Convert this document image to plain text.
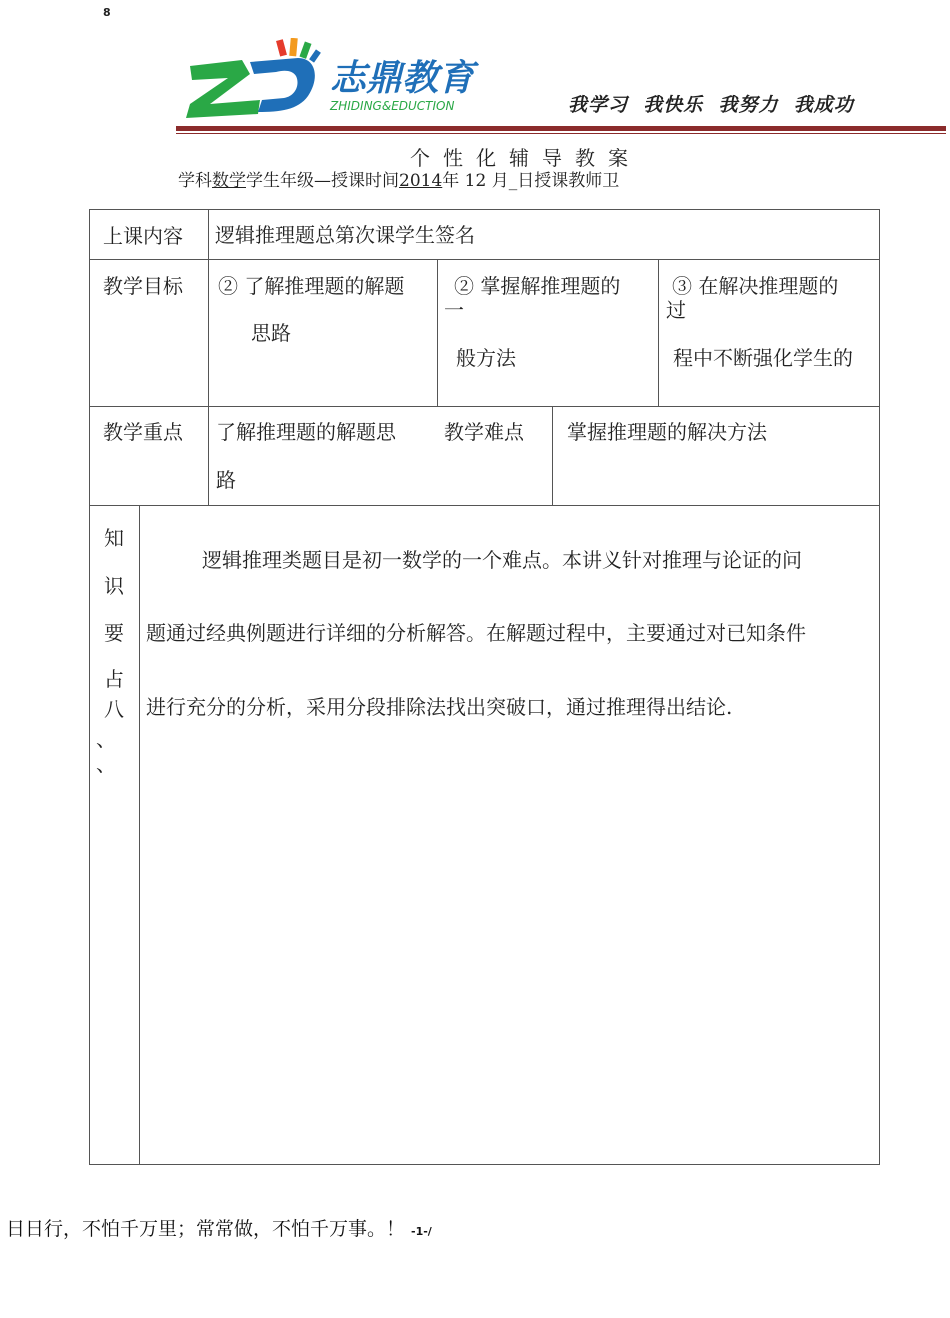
8
志鼎教育
ZHIDING&EDUCTION	我学习  我快乐  我努力  我成功
个性化辅导教案
学科数学学生年级—授课时间2014年 12 月_日授课教师卫
上课内容 逻辑推理题总第次课学生签名
教学目标 ② 了解推理题的解题
思路
② 掌握解推理题的
一
般方法
③ 在解决推理题的
过
程中不断强化学生的
教学重点 了解推理题的解题思
路
教学难点 掌握推理题的解决方法
知
识
要
占
八
、
、
逻辑推理类题目是初一数学的一个难点。本讲义针对推理与论证的问
题通过经典例题进行详细的分析解答。在解题过程中，主要通过对已知条件
进行充分的分析，采用分段排除法找出突破口，通过推理得出结论.
日日行，不怕千万里；常常做，不怕千万事。！ -1-/
